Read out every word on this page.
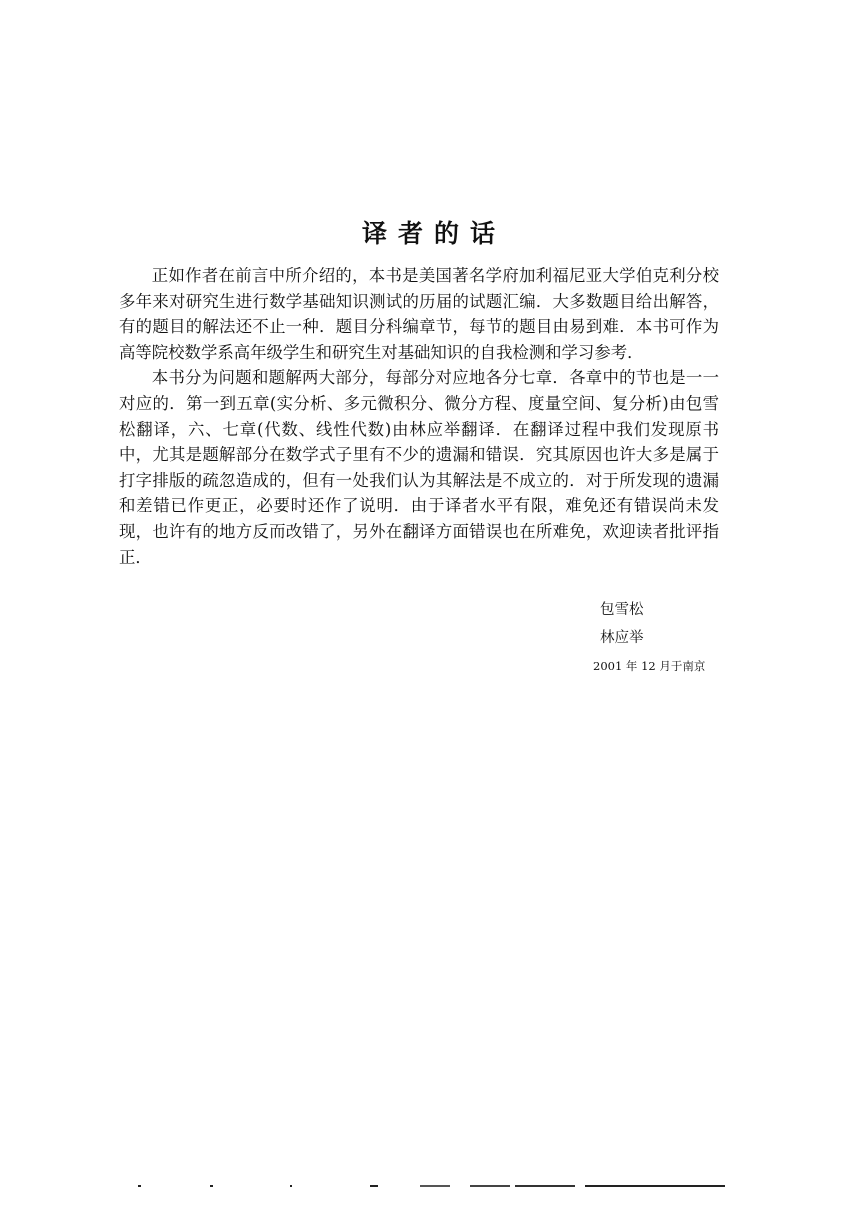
译者的话

正如作者在前言中所介绍的，本书是美国著名学府加利福尼亚大学伯克利分校多年来对研究生进行数学基础知识测试的历届的试题汇编．大多数题目给出解答，有的题目的解法还不止一种．题目分科编章节，每节的题目由易到难．本书可作为高等院校数学系高年级学生和研究生对基础知识的自我检测和学习参考．

本书分为问题和题解两大部分，每部分对应地各分七章．各章中的节也是一一对应的．第一到五章(实分析、多元微积分、微分方程、度量空间、复分析)由包雪松翻译，六、七章(代数、线性代数)由林应举翻译．在翻译过程中我们发现原书中，尤其是题解部分在数学式子里有不少的遗漏和错误．究其原因也许大多是属于打字排版的疏忽造成的，但有一处我们认为其解法是不成立的．对于所发现的遗漏和差错已作更正，必要时还作了说明．由于译者水平有限，难免还有错误尚未发现，也许有的地方反而改错了，另外在翻译方面错误也在所难免，欢迎读者批评指正．

包雪松
林应举
2001 年 12 月于南京
